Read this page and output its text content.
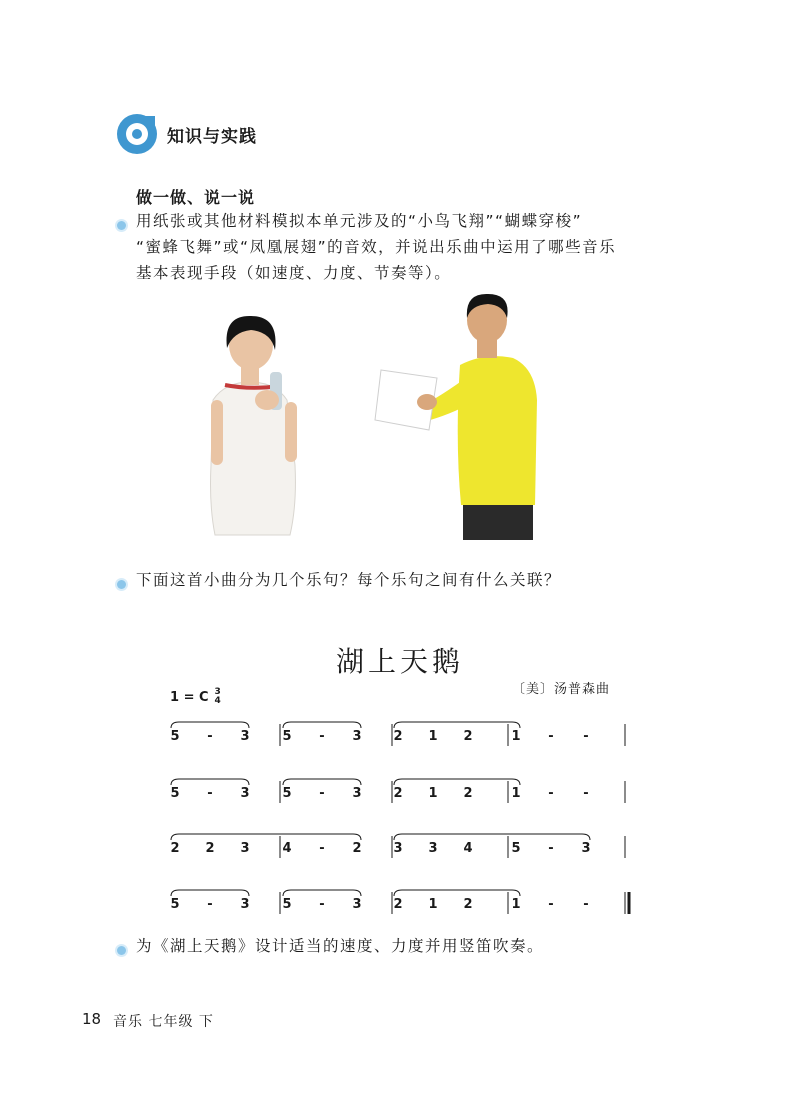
知识与实践
做一做、说一说
用纸张或其他材料模拟本单元涉及的“小鸟飞翔”“蝴蝶穿梭”
“蜜蜂飞舞”或“凤凰展翅”的音效，并说出乐曲中运用了哪些音乐
基本表现手段（如速度、力度、节奏等）。
下面这首小曲分为几个乐句？每个乐句之间有什么关联？
湖上天鹅
〔美〕汤普森曲
1 = C 3
4
5 - 3	5 - 3 2 1 2	1 - -
5 - 3	5 - 3 2 1 2	1 - -
2 2 3	4 - 2 3 3 4	5 - 3
5 - 3	5 - 3 2 1 2	1 - -
为《湖上天鹅》设计适当的速度、力度并用竖笛吹奏。
18 音乐 七年级 下
